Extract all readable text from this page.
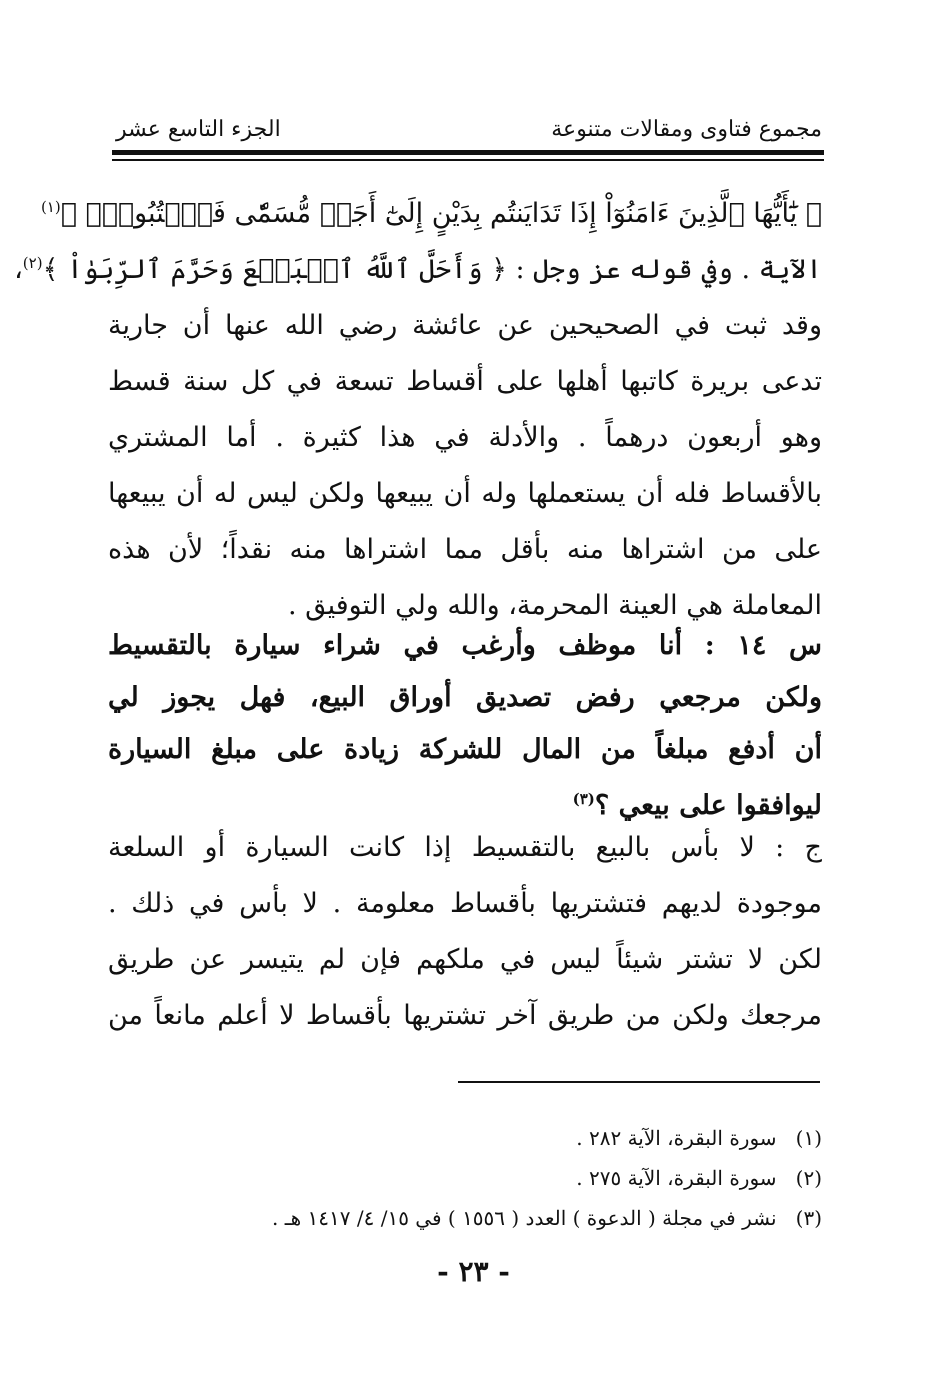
مجموع فتاوى ومقالات متنوعة
الجزء التاسع عشر
﴿ يَٰٓأَيُّهَا ٱلَّذِينَ ءَامَنُوٓاْ إِذَا تَدَايَنتُم بِدَيْنٍ إِلَىٰٓ أَجَلٖ مُّسَمّٗى فَٱكۡتُبُوهُۚ ﴾$^{(١)}$
الآية . وفي قوله عز وجل : ﴿ وَأَحَلَّ ٱللَّهُ ٱلۡبَيۡعَ وَحَرَّمَ ٱلرِّبَوٰاْ ﴾$^{(٢)}$،
وقد ثبت في الصحيحين عن عائشة رضي الله عنها أن جارية
تدعى بريرة كاتبها أهلها على أقساط تسعة في كل سنة قسط
وهو أربعون درهماً . والأدلة في هذا كثيرة . أما المشتري
بالأقساط فله أن يستعملها وله أن يبيعها ولكن ليس له أن يبيعها
على من اشتراها منه بأقل مما اشتراها منه نقداً؛ لأن هذه
المعاملة هي العينة المحرمة، والله ولي التوفيق .
س ١٤ : أنا موظف وأرغب في شراء سيارة بالتقسيط
ولكن مرجعي رفض تصديق أوراق البيع، فهل يجوز لي
أن أدفع مبلغاً من المال للشركة زيادة على مبلغ السيارة
ليوافقوا على بيعي ؟$^{(٣)}$
ج : لا بأس بالبيع بالتقسيط إذا كانت السيارة أو السلعة
موجودة لديهم فتشتريها بأقساط معلومة . لا بأس في ذلك .
لكن لا تشتر شيئاً ليس في ملكهم فإن لم يتيسر عن طريق
مرجعك ولكن من طريق آخر تشتريها بأقساط لا أعلم مانعاً من
(١)   سورة البقرة، الآية ٢٨٢ .
(٢)   سورة البقرة، الآية ٢٧٥ .
(٣)   نشر في مجلة ( الدعوة ) العدد ( ١٥٥٦ ) في ١٥/ ٤/ ١٤١٧ هـ .
- ٢٣ -
